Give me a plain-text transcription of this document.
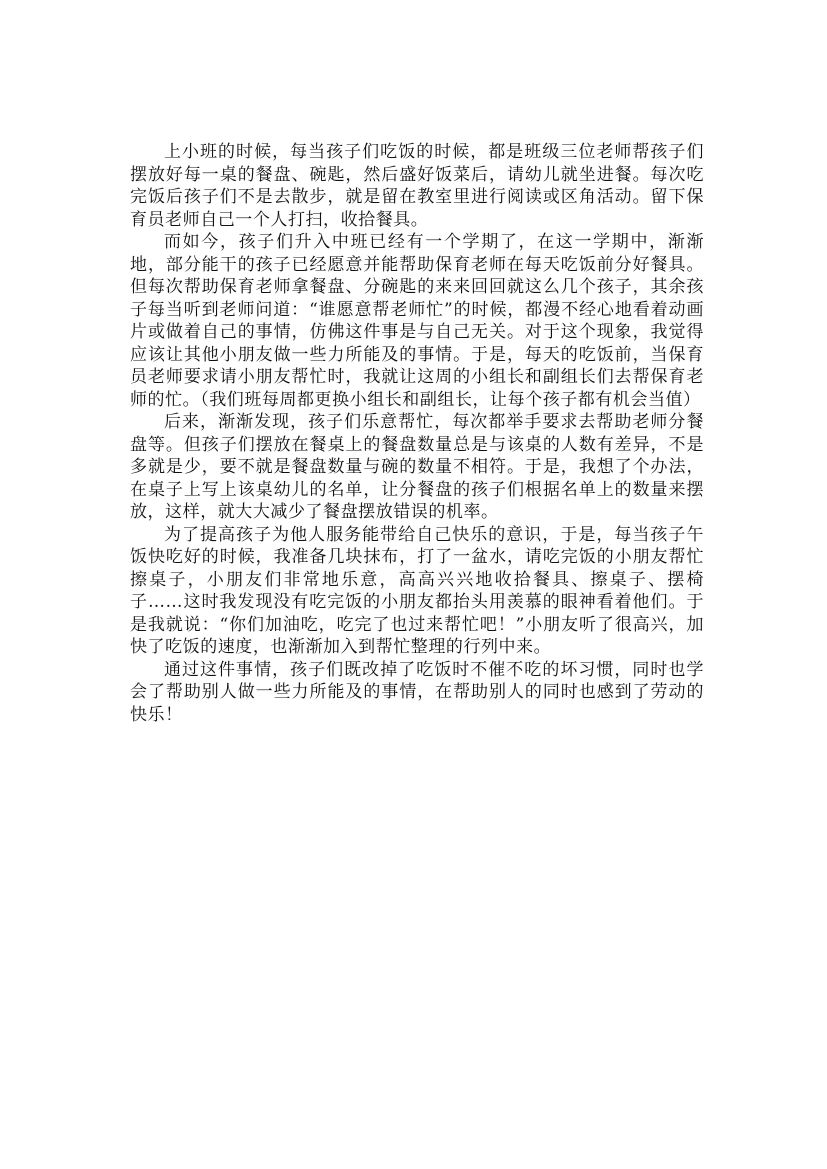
上小班的时候，每当孩子们吃饭的时候，都是班级三位老师帮孩子们摆放好每一桌的餐盘、碗匙，然后盛好饭菜后，请幼儿就坐进餐。每次吃完饭后孩子们不是去散步，就是留在教室里进行阅读或区角活动。留下保育员老师自己一个人打扫，收拾餐具。

而如今，孩子们升入中班已经有一个学期了，在这一学期中，渐渐地，部分能干的孩子已经愿意并能帮助保育老师在每天吃饭前分好餐具。但每次帮助保育老师拿餐盘、分碗匙的来来回回就这么几个孩子，其余孩子每当听到老师问道：“谁愿意帮老师忙”的时候，都漫不经心地看着动画片或做着自己的事情，仿佛这件事是与自己无关。对于这个现象，我觉得应该让其他小朋友做一些力所能及的事情。于是，每天的吃饭前，当保育员老师要求请小朋友帮忙时，我就让这周的小组长和副组长们去帮保育老师的忙。（我们班每周都更换小组长和副组长，让每个孩子都有机会当值）

后来，渐渐发现，孩子们乐意帮忙，每次都举手要求去帮助老师分餐盘等。但孩子们摆放在餐桌上的餐盘数量总是与该桌的人数有差异，不是多就是少，要不就是餐盘数量与碗的数量不相符。于是，我想了个办法，在桌子上写上该桌幼儿的名单，让分餐盘的孩子们根据名单上的数量来摆放，这样，就大大减少了餐盘摆放错误的机率。

为了提高孩子为他人服务能带给自己快乐的意识，于是，每当孩子午饭快吃好的时候，我准备几块抹布，打了一盆水，请吃完饭的小朋友帮忙擦桌子，小朋友们非常地乐意，高高兴兴地收拾餐具、擦桌子、摆椅子……这时我发现没有吃完饭的小朋友都抬头用羡慕的眼神看着他们。于是我就说：“你们加油吃，吃完了也过来帮忙吧！”小朋友听了很高兴，加快了吃饭的速度，也渐渐加入到帮忙整理的行列中来。

通过这件事情，孩子们既改掉了吃饭时不催不吃的坏习惯，同时也学会了帮助别人做一些力所能及的事情，在帮助别人的同时也感到了劳动的快乐！
